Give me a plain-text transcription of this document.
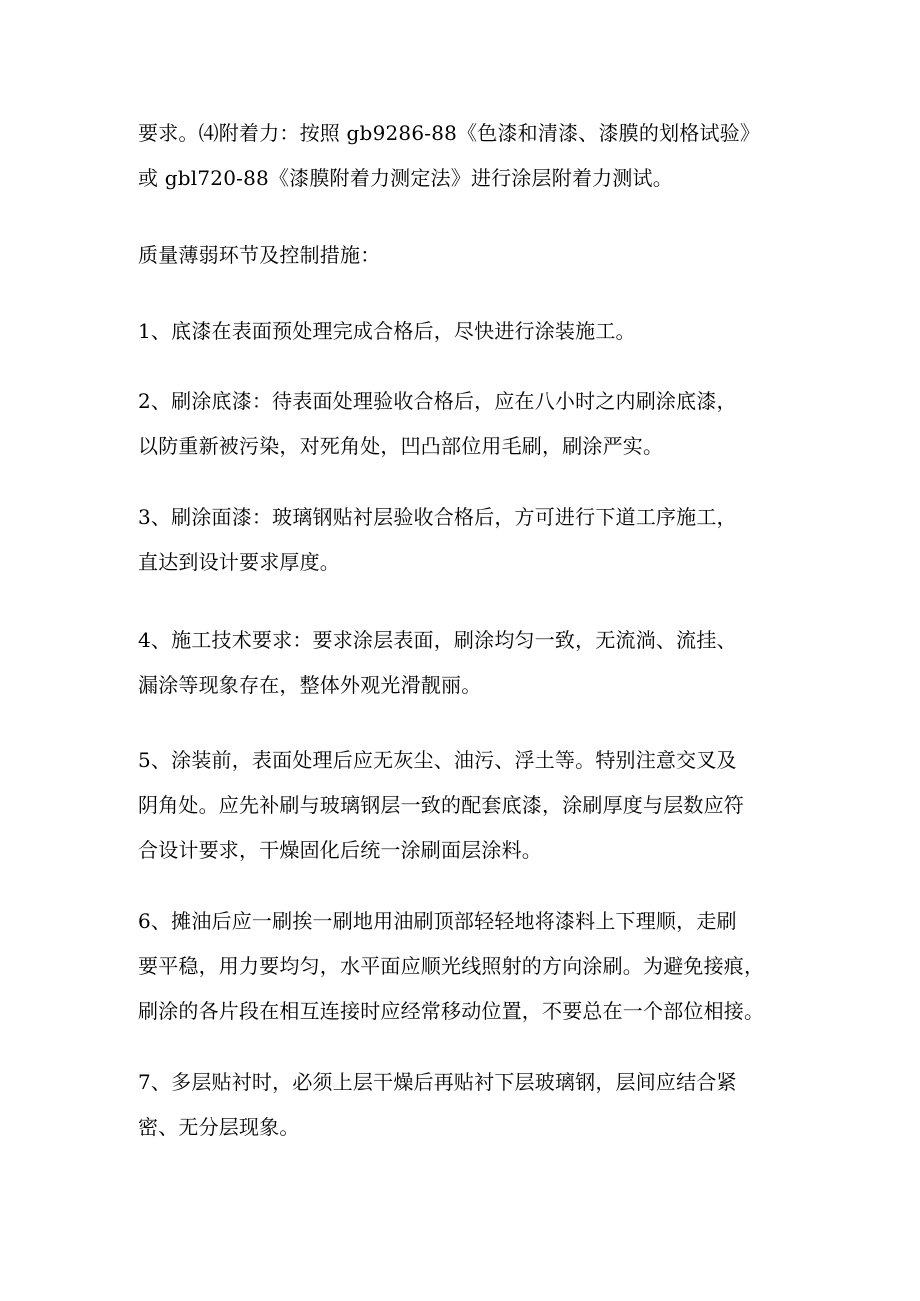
要求。⑷附着力：按照 gb9286-88《色漆和清漆、漆膜的划格试验》
或 gbl720-88《漆膜附着力测定法》进行涂层附着力测试。

质量薄弱环节及控制措施：

1、底漆在表面预处理完成合格后，尽快进行涂装施工。

2、刷涂底漆：待表面处理验收合格后，应在八小时之内刷涂底漆，
以防重新被污染，对死角处，凹凸部位用毛刷，刷涂严实。

3、刷涂面漆：玻璃钢贴衬层验收合格后，方可进行下道工序施工，
直达到设计要求厚度。

4、施工技术要求：要求涂层表面，刷涂均匀一致，无流淌、流挂、
漏涂等现象存在，整体外观光滑靓丽。

5、涂装前，表面处理后应无灰尘、油污、浮土等。特别注意交叉及
阴角处。应先补刷与玻璃钢层一致的配套底漆，涂刷厚度与层数应符
合设计要求，干燥固化后统一涂刷面层涂料。

6、摊油后应一刷挨一刷地用油刷顶部轻轻地将漆料上下理顺，走刷
要平稳，用力要均匀，水平面应顺光线照射的方向涂刷。为避免接痕，
刷涂的各片段在相互连接时应经常移动位置，不要总在一个部位相接。

7、多层贴衬时，必须上层干燥后再贴衬下层玻璃钢，层间应结合紧
密、无分层现象。
